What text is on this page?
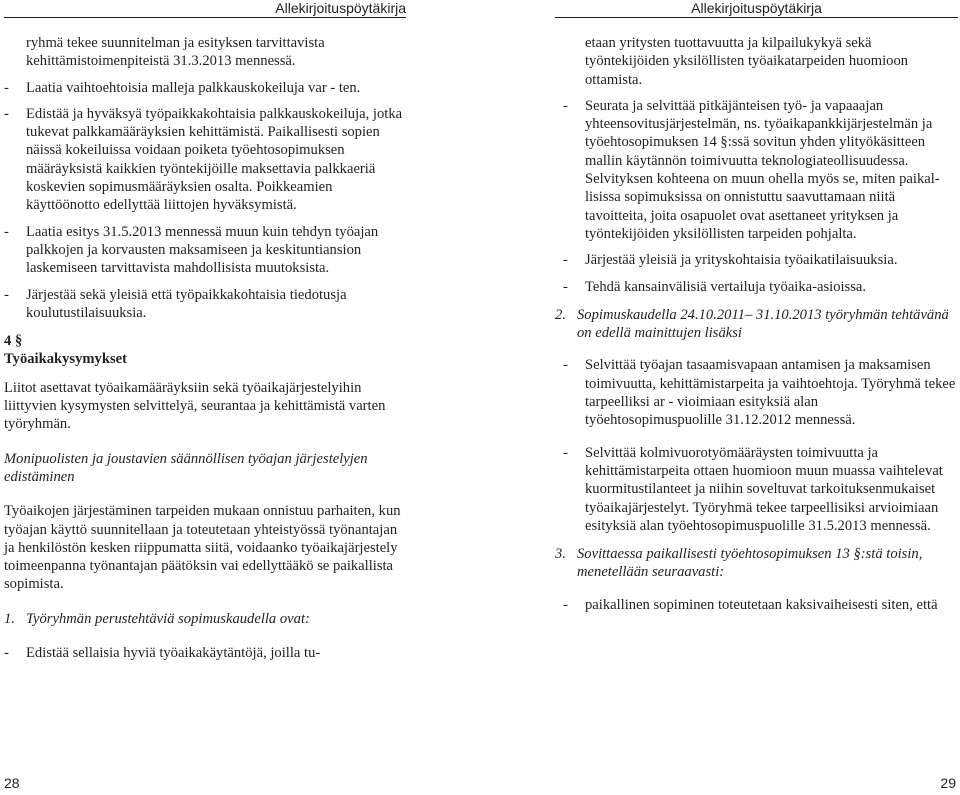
Allekirjoituspöytäkirja

ryhmä tekee suunnitelman ja esityksen tarvittavista kehittämistoimenpiteistä 31.3.2013 mennessä.

- Laatia vaihtoehtoisia malleja palkkauskokeiluja var - ten.

- Edistää ja hyväksyä työpaikkakohtaisia palkkauskokeiluja, jotka tukevat palkkamääräyksien kehittämistä. Paikallisesti sopien näissä kokeiluissa voidaan poiketa työehtosopimuksen määräyksistä kaikkien työntekijöille maksettavia palkkaeriä koskevien sopimusmääräyksien osalta. Poikkeamien käyttöönotto edellyttää liittojen hyväksymistä.

- Laatia esitys 31.5.2013 mennessä muun kuin tehdyn työajan palkkojen ja korvausten maksamiseen ja keskituntiansion laskemiseen tarvittavista mahdollisista muutoksista.

- Järjestää sekä yleisiä että työpaikkakohtaisia tiedotusja koulutustilaisuuksia.

4 §

Työaikakysymykset

Liitot asettavat työaikamääräyksiin sekä työaikajärjestelyihin liittyvien kysymysten selvittelyä, seurantaa ja kehittämistä varten työryhmän.

Monipuolisten ja joustavien säännöllisen työajan järjestelyjen edistäminen

Työaikojen järjestäminen tarpeiden mukaan onnistuu parhaiten, kun työajan käyttö suunnitellaan ja toteutetaan yhteistyössä työnantajan ja henkilöstön kesken riippumatta siitä, voidaanko työaikajärjestely toimeenpanna työnantajan päätöksin vai edellyttääkö se paikallista sopimista.

1. Työryhmän perustehtäviä sopimuskaudella ovat:

- Edistää sellaisia hyviä työaikakäytäntöjä, joilla tu-

28
Allekirjoituspöytäkirja

etaan yritysten tuottavuutta ja kilpailukykyä sekä työntekijöiden yksilöllisten työaikatarpeiden huomioon ottamista.

- Seurata ja selvittää pitkäjänteisen työ- ja vapaaajan yhteensovitusjärjestelmän, ns. työaikapankkijärjestelmän ja työehtosopimuksen 14 §:ssä sovitun yhden ylityökäsitteen mallin käytännön toimivuutta teknologiateollisuudessa. Selvityksen kohteena on muun ohella myös se, miten paikallisissa sopimuksissa on onnistuttu saavuttamaan niitä tavoitteita, joita osapuolet ovat asettaneet yrityksen ja työntekijöiden yksilöllisten tarpeiden pohjalta.

- Järjestää yleisiä ja yrityskohtaisia työaikatilaisuuksia.

- Tehdä kansainvälisiä vertailuja työaika-asioissa.

2. Sopimuskaudella 24.10.2011– 31.10.2013 työryhmän tehtävänä on edellä mainittujen lisäksi

- Selvittää työajan tasaamisvapaan antamisen ja maksamisen toimivuutta, kehittämistarpeita ja vaihtoehtoja. Työryhmä tekee tarpeelliksi ar - vioimiaan esityksiä alan työehtosopimuspuolille 31.12.2012 mennessä.

- Selvittää kolmivuorotyömääräysten toimivuutta ja kehittämistarpeita ottaen huomioon muun muassa vaihtelevat kuormitustilanteet ja niihin soveltuvat tarkoituksenmukaiset työaikajärjestelyt. Työryhmä tekee tarpeellisiksi arvioimiaan esityksiä alan työehtosopimuspuolille 31.5.2013 mennessä.

3. Sovittaessa paikallisesti työehtosopimuksen 13 §:stä toisin, menetellään seuraavasti:

- paikallinen sopiminen toteutetaan kaksivaiheisesti siten, että

29
